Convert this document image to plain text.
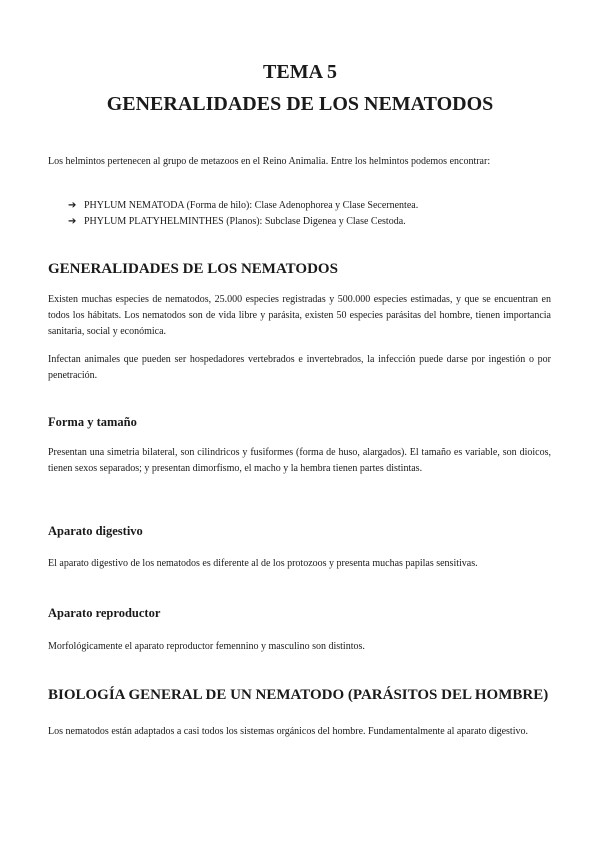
TEMA 5
GENERALIDADES DE LOS NEMATODOS

Los helmintos pertenecen al grupo de metazoos en el Reino Animalia. Entre los helmintos podemos encontrar:

➔ PHYLUM NEMATODA (Forma de hilo): Clase Adenophorea y Clase Secernentea.
➔ PHYLUM PLATYHELMINTHES (Planos): Subclase Digenea y Clase Cestoda.
GENERALIDADES DE LOS NEMATODOS

Existen muchas especies de nematodos, 25.000 especies registradas y 500.000 especies estimadas, y que se encuentran en todos los hábitats. Los nematodos son de vida libre y parásita, existen 50 especies parásitas del hombre, tienen importancia sanitaria, social y económica.

Infectan animales que pueden ser hospedadores vertebrados e invertebrados, la infección puede darse por ingestión o por penetración.

Forma y tamaño

Presentan una simetria bilateral, son cilindricos y fusiformes (forma de huso, alargados). El tamaño es variable, son dioicos, tienen sexos separados; y presentan dimorfismo, el macho y la hembra tienen partes distintas.

Aparato digestivo

El aparato digestivo de los nematodos es diferente al de los protozoos y presenta muchas papilas sensitivas.

Aparato reproductor

Morfológicamente el aparato reproductor femennino y masculino son distintos.

BIOLOGÍA GENERAL DE UN NEMATODO (PARÁSITOS DEL HOMBRE)

Los nematodos están adaptados a casi todos los sistemas orgánicos del hombre. Fundamentalmente al aparato digestivo.
